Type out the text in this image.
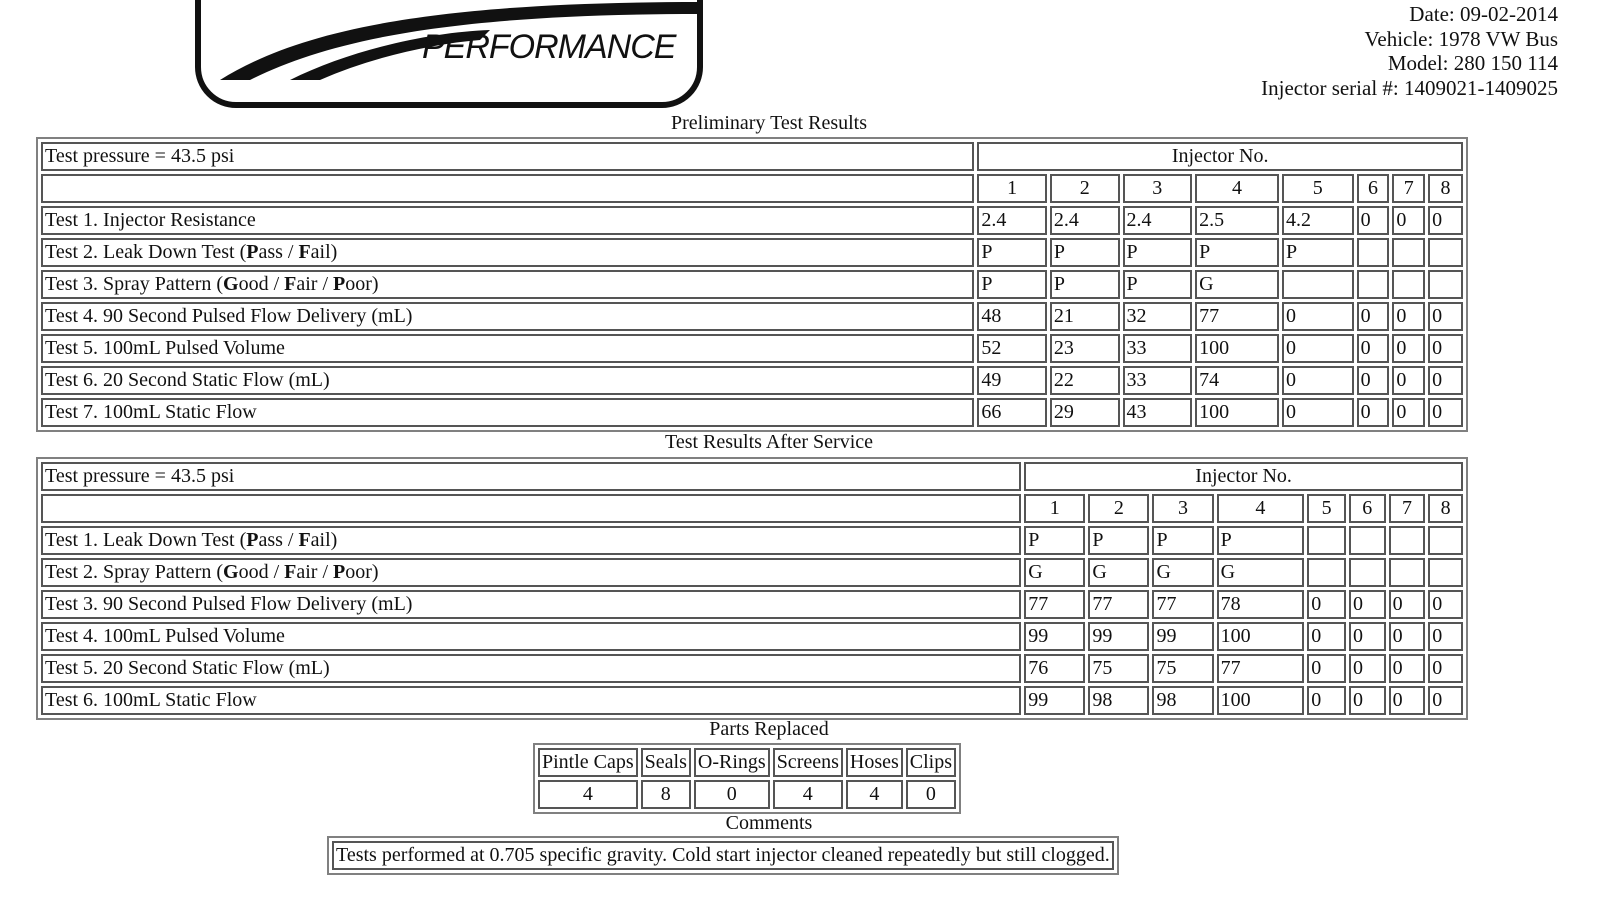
PERFORMANCE
Date: 09-02-2014
Vehicle: 1978 VW Bus
Model: 280 150 114
Injector serial #: 1409021-1409025
Preliminary Test Results
Test pressure = 43.5 psi	Injector No.							
	1	2	3	4	5	6	7	8
Test 1. Injector Resistance	2.4	2.4	2.4	2.5	4.2	0	0	0
Test 2. Leak Down Test (Pass / Fail)	P	P	P	P	P			
Test 3. Spray Pattern (Good / Fair / Poor)	P	P	P	G				
Test 4. 90 Second Pulsed Flow Delivery (mL)	48	21	32	77	0	0	0	0
Test 5. 100mL Pulsed Volume	52	23	33	100	0	0	0	0
Test 6. 20 Second Static Flow (mL)	49	22	33	74	0	0	0	0
Test 7. 100mL Static Flow	66	29	43	100	0	0	0	0
Test Results After Service
Test pressure = 43.5 psi	Injector No.							
	1	2	3	4	5	6	7	8
Test 1. Leak Down Test (Pass / Fail)	P	P	P	P				
Test 2. Spray Pattern (Good / Fair / Poor)	G	G	G	G				
Test 3. 90 Second Pulsed Flow Delivery (mL)	77	77	77	78	0	0	0	0
Test 4. 100mL Pulsed Volume	99	99	99	100	0	0	0	0
Test 5. 20 Second Static Flow (mL)	76	75	75	77	0	0	0	0
Test 6. 100mL Static Flow	99	98	98	100	0	0	0	0
Parts Replaced
Pintle Caps	Seals	O-Rings	Screens	Hoses	Clips
4	8	0	4	4	0
Comments
Tests performed at 0.705 specific gravity. Cold start injector cleaned repeatedly but still clogged.
